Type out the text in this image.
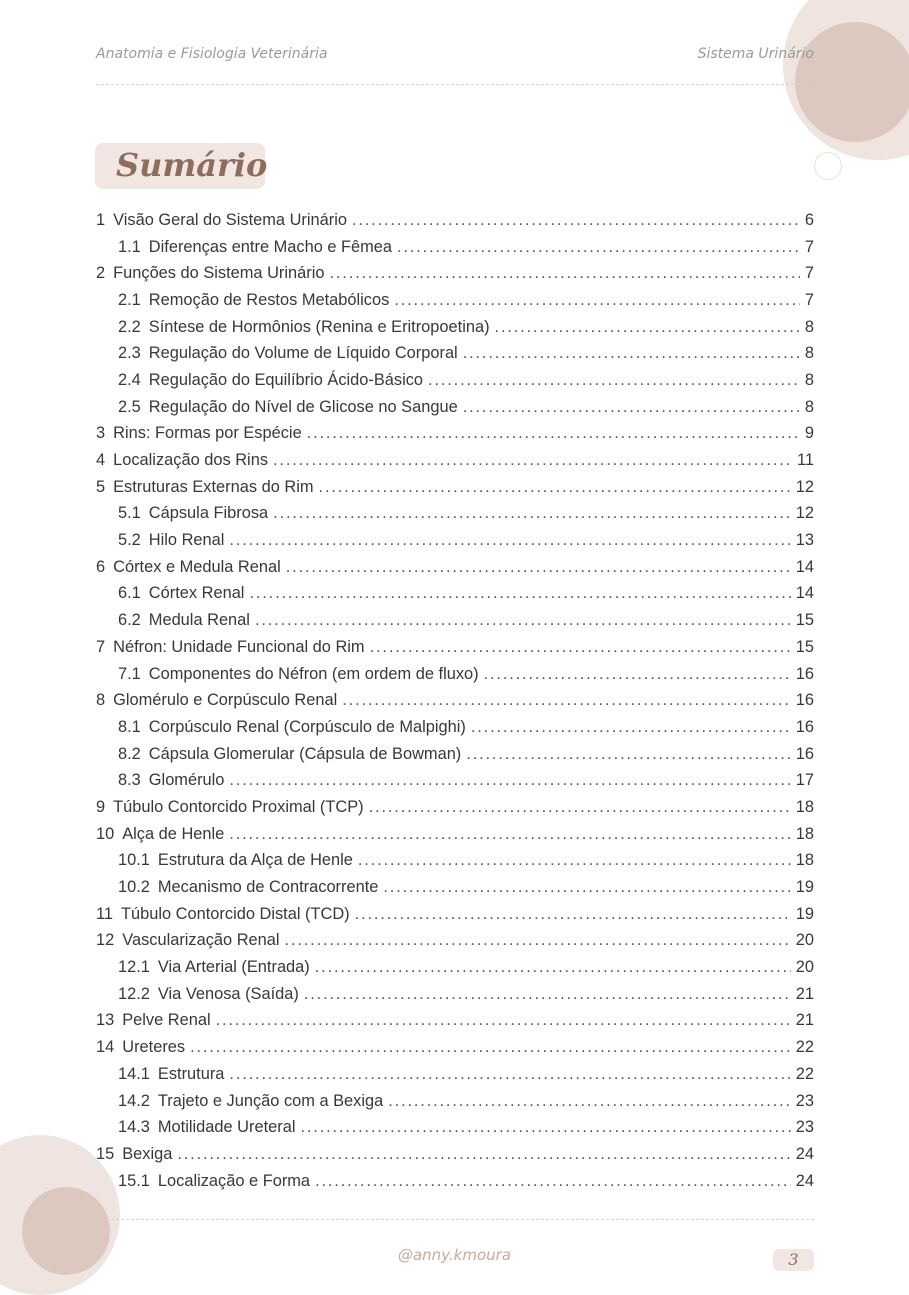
Anatomia e Fisiologia Veterinária	Sistema Urinário
Sumário
1 Visão Geral do Sistema Urinário . . .	6
1.1 Diferenças entre Macho e Fêmea . . .	7
2 Funções do Sistema Urinário . . .	7
2.1 Remoção de Restos Metabólicos . . .	7
2.2 Síntese de Hormônios (Renina e Eritropoetina) . . .	8
2.3 Regulação do Volume de Líquido Corporal . . .	8
2.4 Regulação do Equilíbrio Ácido-Básico . . .	8
2.5 Regulação do Nível de Glicose no Sangue . . .	8
3 Rins: Formas por Espécie . . .	9
4 Localização dos Rins . . .	11
5 Estruturas Externas do Rim . . .	12
5.1 Cápsula Fibrosa . . .	12
5.2 Hilo Renal . . .	13
6 Córtex e Medula Renal . . .	14
6.1 Córtex Renal . . .	14
6.2 Medula Renal . . .	15
7 Néfron: Unidade Funcional do Rim . . .	15
7.1 Componentes do Néfron (em ordem de fluxo) . . .	16
8 Glomérulo e Corpúsculo Renal . . .	16
8.1 Corpúsculo Renal (Corpúsculo de Malpighi) . . .	16
8.2 Cápsula Glomerular (Cápsula de Bowman) . . .	16
8.3 Glomérulo . . .	17
9 Túbulo Contorcido Proximal (TCP) . . .	18
10 Alça de Henle . . .	18
10.1 Estrutura da Alça de Henle . . .	18
10.2 Mecanismo de Contracorrente . . .	19
11 Túbulo Contorcido Distal (TCD) . . .	19
12 Vascularização Renal . . .	20
12.1 Via Arterial (Entrada) . . .	20
12.2 Via Venosa (Saída) . . .	21
13 Pelve Renal . . .	21
14 Ureteres . . .	22
14.1 Estrutura . . .	22
14.2 Trajeto e Junção com a Bexiga . . .	23
14.3 Motilidade Ureteral . . .	23
15 Bexiga . . .	24
15.1 Localização e Forma . . .	24
@anny.kmoura	3
